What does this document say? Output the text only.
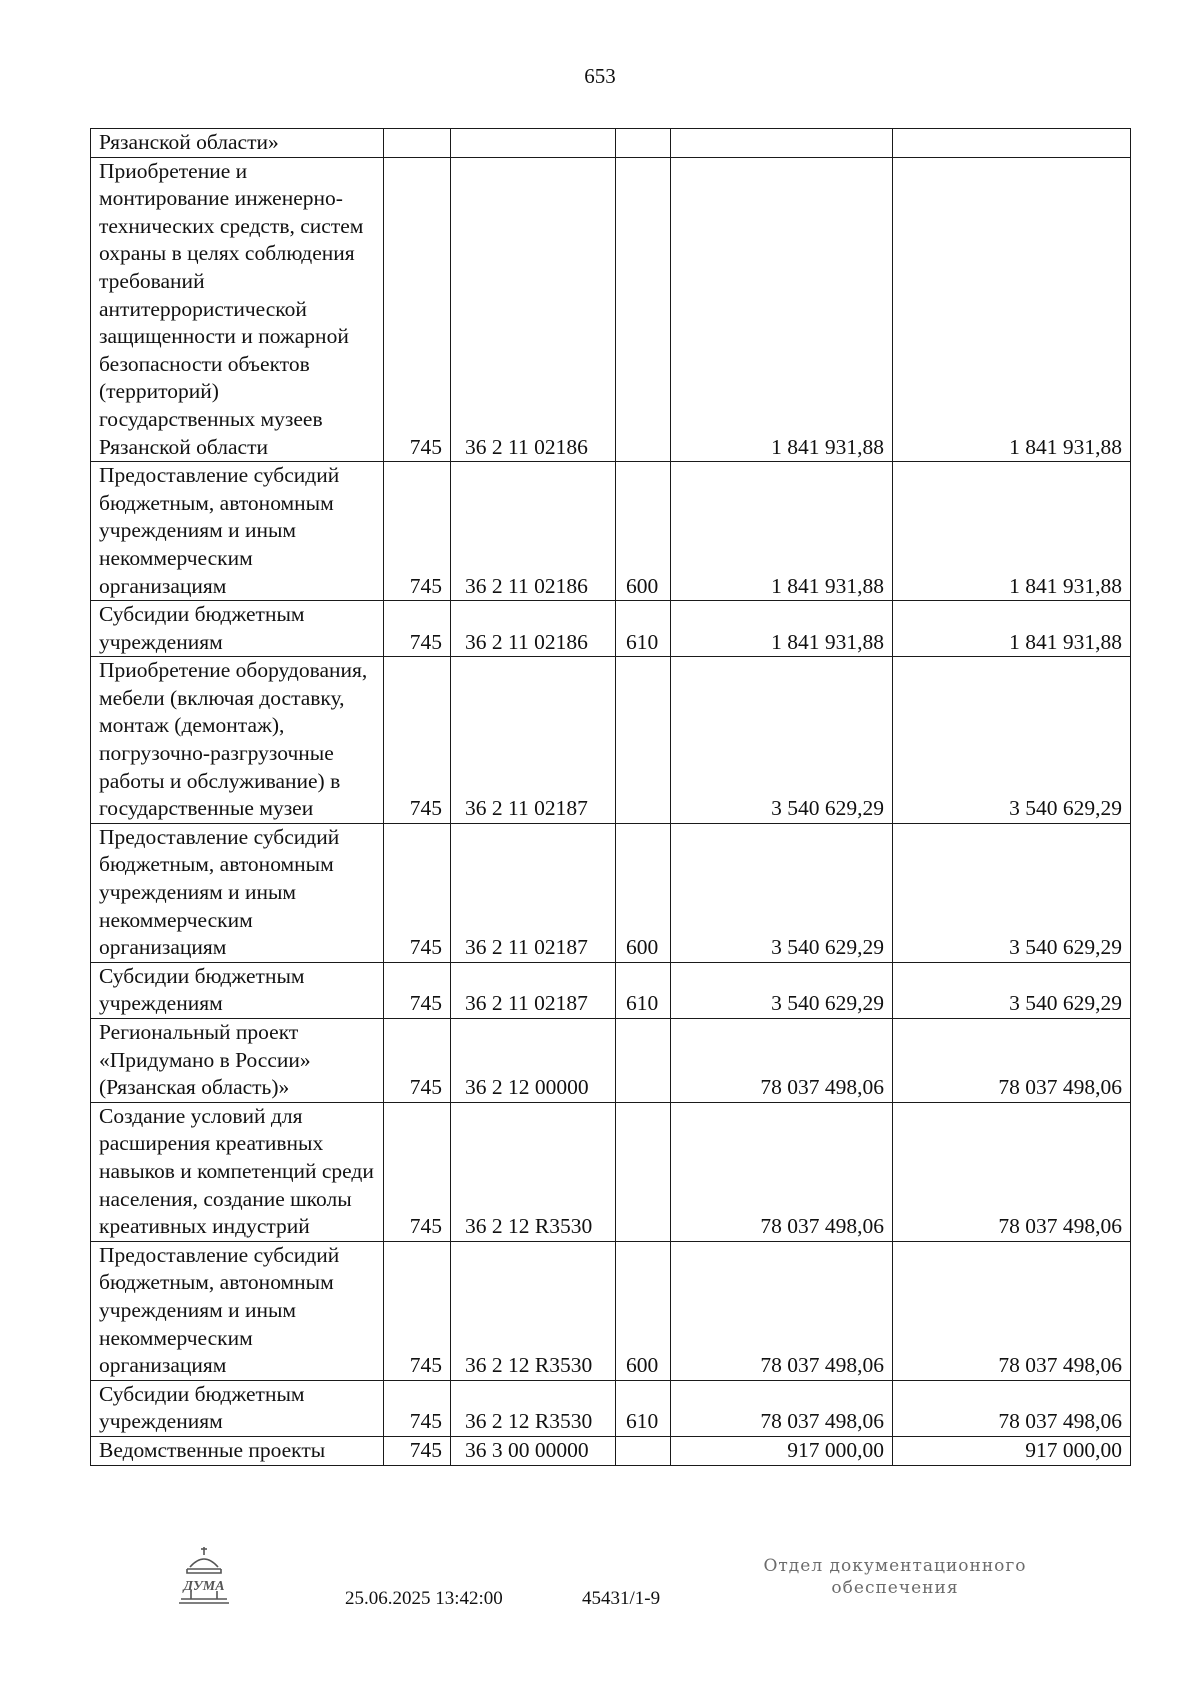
653
Рязанской области»					
Приобретение и монтирование инженерно-технических средств, систем охраны в целях соблюдения требований антитеррористической защищенности и пожарной безопасности объектов (территорий) государственных музеев Рязанской области	745	36 2 11 02186		1 841 931,88	1 841 931,88
Предоставление субсидий бюджетным, автономным учреждениям и иным некоммерческим организациям	745	36 2 11 02186	600	1 841 931,88	1 841 931,88
Субсидии бюджетным учреждениям	745	36 2 11 02186	610	1 841 931,88	1 841 931,88
Приобретение оборудования, мебели (включая доставку, монтаж (демонтаж), погрузочно-разгрузочные работы и обслуживание) в государственные музеи	745	36 2 11 02187		3 540 629,29	3 540 629,29
Предоставление субсидий бюджетным, автономным учреждениям и иным некоммерческим организациям	745	36 2 11 02187	600	3 540 629,29	3 540 629,29
Субсидии бюджетным учреждениям	745	36 2 11 02187	610	3 540 629,29	3 540 629,29
Региональный проект «Придумано в России» (Рязанская область)»	745	36 2 12 00000		78 037 498,06	78 037 498,06
Создание условий для расширения креативных навыков и компетенций среди населения, создание школы креативных индустрий	745	36 2 12 R3530		78 037 498,06	78 037 498,06
Предоставление субсидий бюджетным, автономным учреждениям и иным некоммерческим организациям	745	36 2 12 R3530	600	78 037 498,06	78 037 498,06
Субсидии бюджетным учреждениям	745	36 2 12 R3530	610	78 037 498,06	78 037 498,06
Ведомственные проекты	745	36 3 00 00000		917 000,00	917 000,00
ДУМА
25.06.2025 13:42:00	45431/1-9
Отдел документационного обеспечения
